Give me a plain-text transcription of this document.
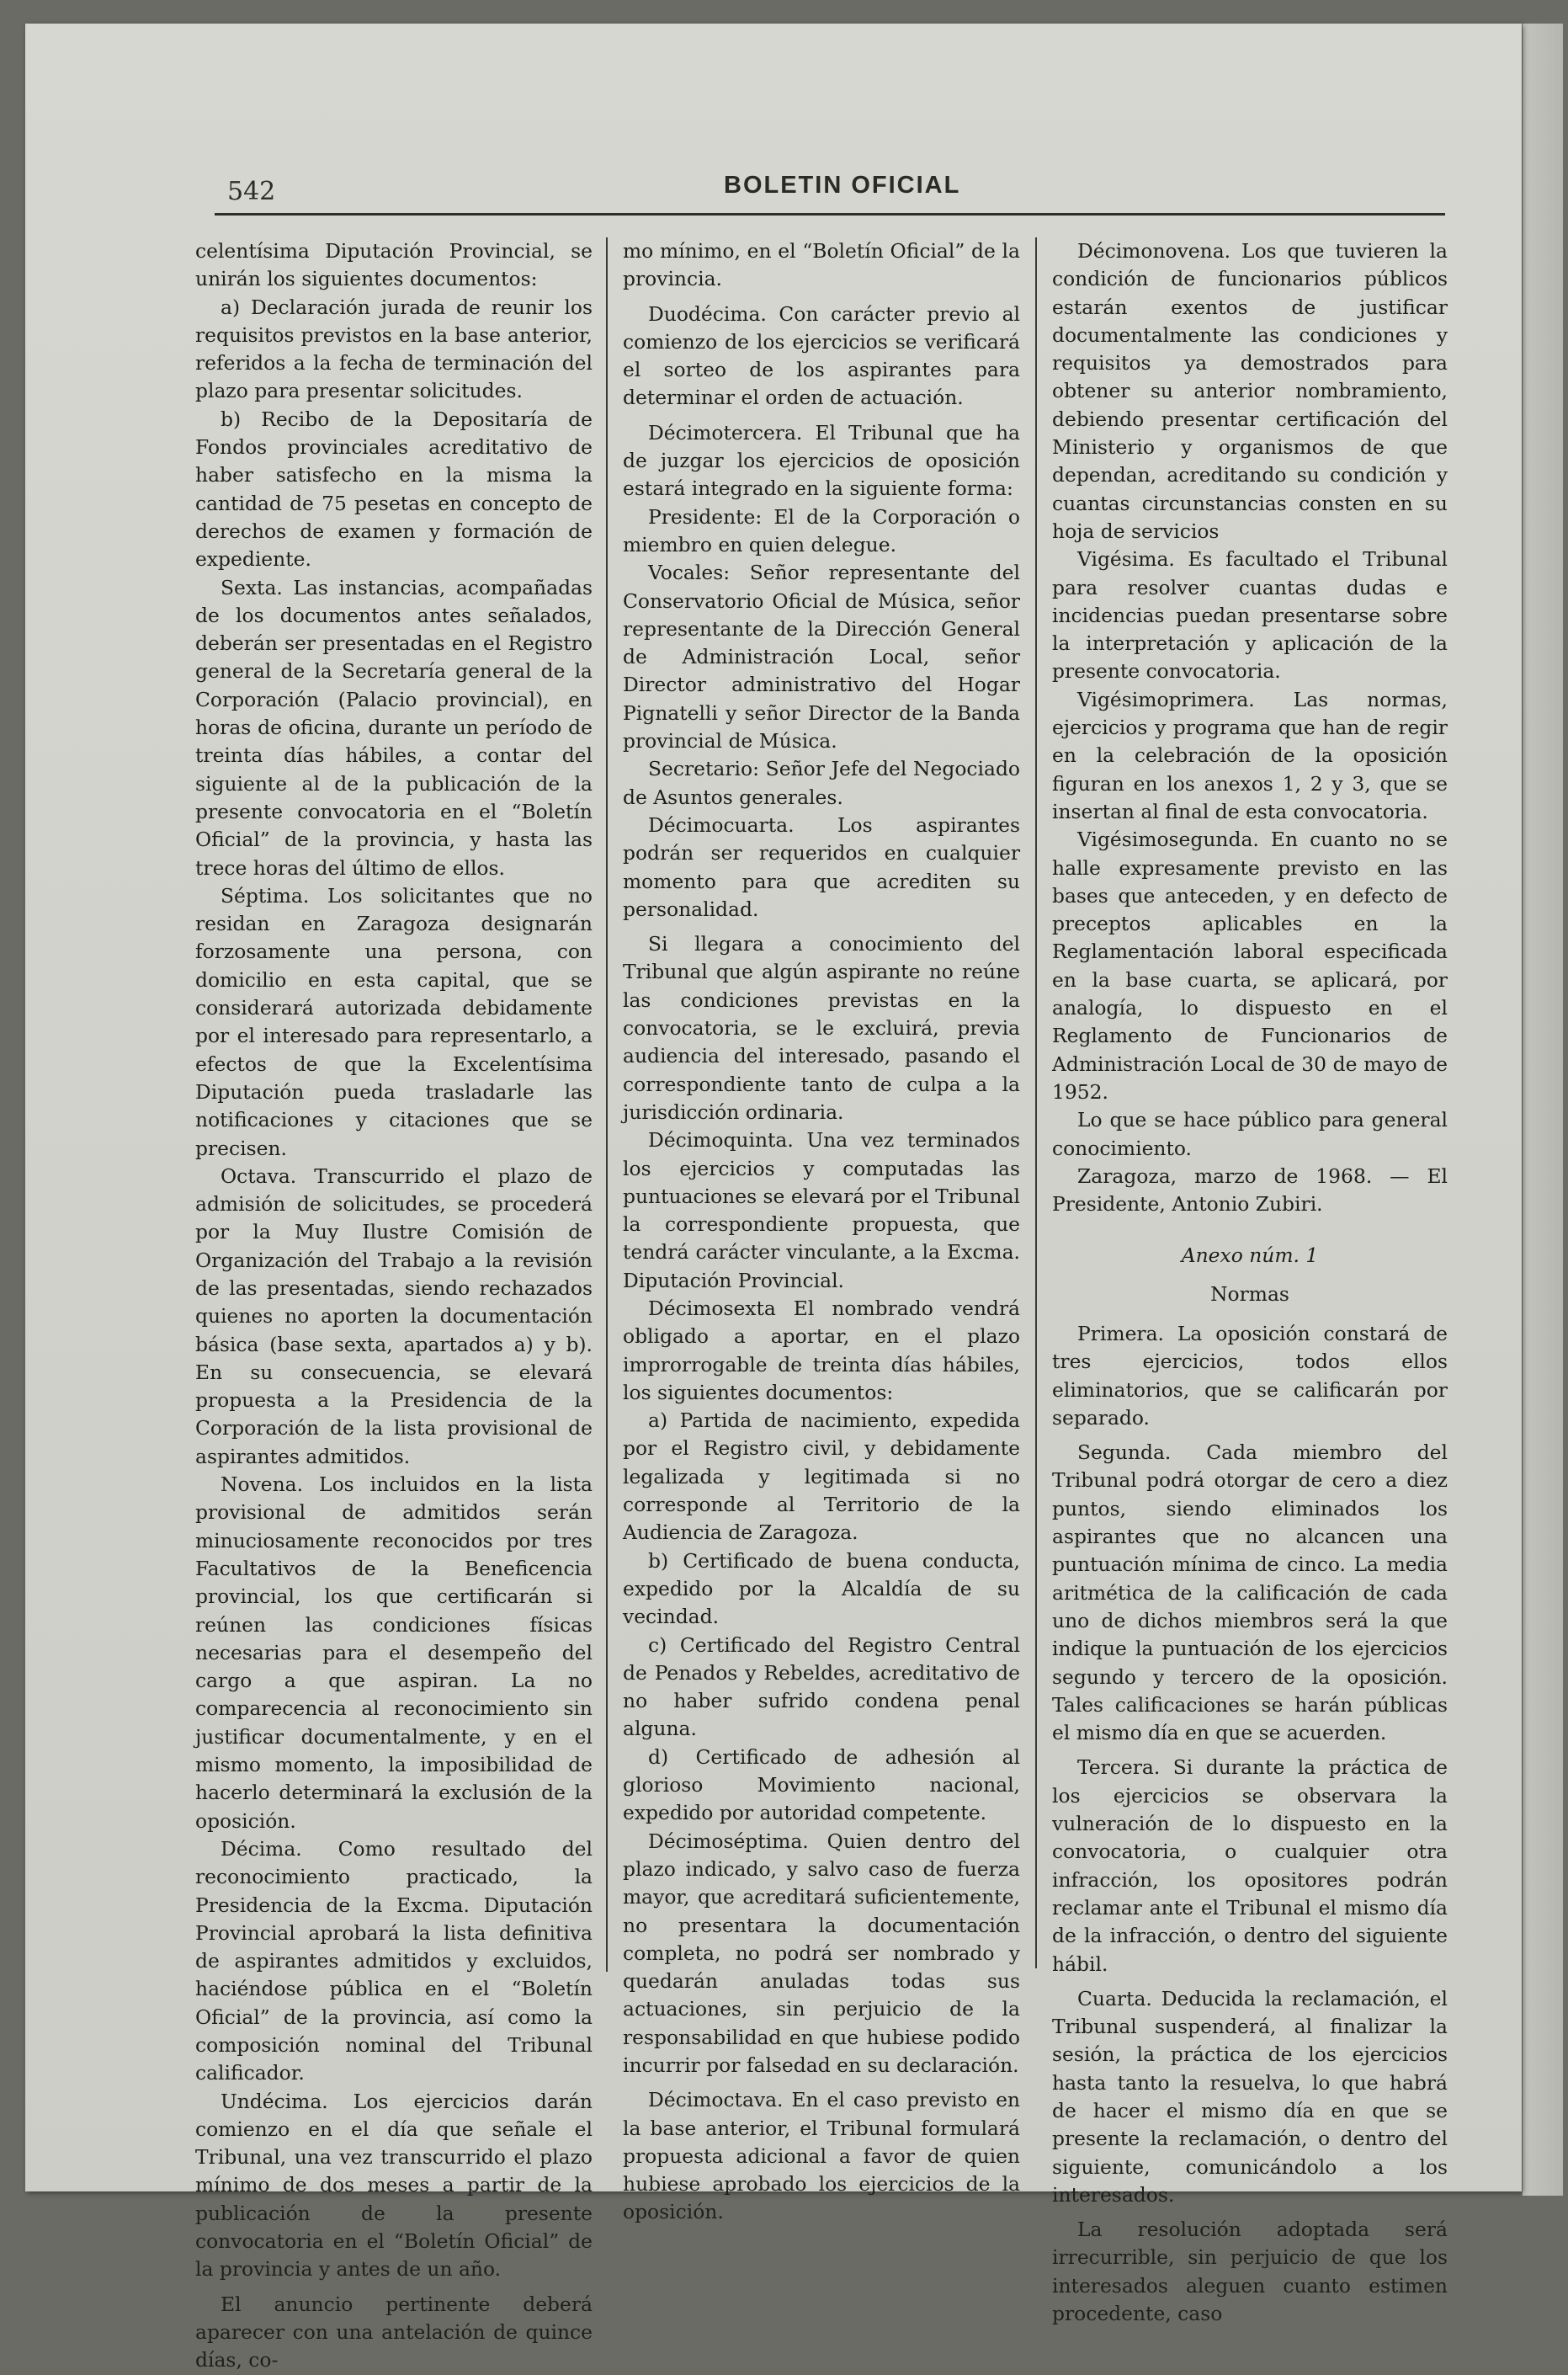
542	BOLETIN OFICIAL

celentísima Diputación Provincial, se unirán los siguientes documentos:

a) Declaración jurada de reunir los requisitos previstos en la base anterior, referidos a la fecha de terminación del plazo para presentar solicitudes.

b) Recibo de la Depositaría de Fondos provinciales acreditativo de haber satisfecho en la misma la cantidad de 75 pesetas en concepto de derechos de examen y formación de expediente.

Sexta. Las instancias, acompañadas de los documentos antes señalados, deberán ser presentadas en el Registro general de la Secretaría general de la Corporación (Palacio provincial), en horas de oficina, durante un período de treinta días hábiles, a contar del siguiente al de la publicación de la presente convocatoria en el “Boletín Oficial” de la provincia, y hasta las trece horas del último de ellos.

Séptima. Los solicitantes que no residan en Zaragoza designarán forzosamente una persona, con domicilio en esta capital, que se considerará autorizada debidamente por el interesado para representarlo, a efectos de que la Excelentísima Diputación pueda trasladarle las notificaciones y citaciones que se precisen.

Octava. Transcurrido el plazo de admisión de solicitudes, se procederá por la Muy Ilustre Comisión de Organización del Trabajo a la revisión de las presentadas, siendo rechazados quienes no aporten la documentación básica (base sexta, apartados a) y b). En su consecuencia, se elevará propuesta a la Presidencia de la Corporación de la lista provisional de aspirantes admitidos.

Novena. Los incluidos en la lista provisional de admitidos serán minuciosamente reconocidos por tres Facultativos de la Beneficencia provincial, los que certificarán si reúnen las condiciones físicas necesarias para el desempeño del cargo a que aspiran. La no comparecencia al reconocimiento sin justificar documentalmente, y en el mismo momento, la imposibilidad de hacerlo determinará la exclusión de la oposición.

Décima. Como resultado del reconocimiento practicado, la Presidencia de la Excma. Diputación Provincial aprobará la lista definitiva de aspirantes admitidos y excluidos, haciéndose pública en el “Boletín Oficial” de la provincia, así como la composición nominal del Tribunal calificador.

Undécima. Los ejercicios darán comienzo en el día que señale el Tribunal, una vez transcurrido el plazo mínimo de dos meses a partir de la publicación de la presente convocatoria en el “Boletín Oficial” de la provincia y antes de un año.

El anuncio pertinente deberá aparecer con una antelación de quince días, co-

mo mínimo, en el “Boletín Oficial” de la provincia.

Duodécima. Con carácter previo al comienzo de los ejercicios se verificará el sorteo de los aspirantes para determinar el orden de actuación.

Décimotercera. El Tribunal que ha de juzgar los ejercicios de oposición estará integrado en la siguiente forma:

Presidente: El de la Corporación o miembro en quien delegue.

Vocales: Señor representante del Conservatorio Oficial de Música, señor representante de la Dirección General de Administración Local, señor Director administrativo del Hogar Pignatelli y señor Director de la Banda provincial de Música.

Secretario: Señor Jefe del Negociado de Asuntos generales.

Décimocuarta. Los aspirantes podrán ser requeridos en cualquier momento para que acrediten su personalidad.

Si llegara a conocimiento del Tribunal que algún aspirante no reúne las condiciones previstas en la convocatoria, se le excluirá, previa audiencia del interesado, pasando el correspondiente tanto de culpa a la jurisdicción ordinaria.

Décimoquinta. Una vez terminados los ejercicios y computadas las puntuaciones se elevará por el Tribunal la correspondiente propuesta, que tendrá carácter vinculante, a la Excma. Diputación Provincial.

Décimosexta El nombrado vendrá obligado a aportar, en el plazo improrrogable de treinta días hábiles, los siguientes documentos:

a) Partida de nacimiento, expedida por el Registro civil, y debidamente legalizada y legitimada si no corresponde al Territorio de la Audiencia de Zaragoza.

b) Certificado de buena conducta, expedido por la Alcaldía de su vecindad.

c) Certificado del Registro Central de Penados y Rebeldes, acreditativo de no haber sufrido condena penal alguna.

d) Certificado de adhesión al glorioso Movimiento nacional, expedido por autoridad competente.

Décimoséptima. Quien dentro del plazo indicado, y salvo caso de fuerza mayor, que acreditará suficientemente, no presentara la documentación completa, no podrá ser nombrado y quedarán anuladas todas sus actuaciones, sin perjuicio de la responsabilidad en que hubiese podido incurrir por falsedad en su declaración.

Décimoctava. En el caso previsto en la base anterior, el Tribunal formulará propuesta adicional a favor de quien hubiese aprobado los ejercicios de la oposición.

Décimonovena. Los que tuvieren la condición de funcionarios públicos estarán exentos de justificar documentalmente las condiciones y requisitos ya demostrados para obtener su anterior nombramiento, debiendo presentar certificación del Ministerio y organismos de que dependan, acreditando su condición y cuantas circunstancias consten en su hoja de servicios

Vigésima. Es facultado el Tribunal para resolver cuantas dudas e incidencias puedan presentarse sobre la interpretación y aplicación de la presente convocatoria.

Vigésimoprimera. Las normas, ejercicios y programa que han de regir en la celebración de la oposición figuran en los anexos 1, 2 y 3, que se insertan al final de esta convocatoria.

Vigésimosegunda. En cuanto no se halle expresamente previsto en las bases que anteceden, y en defecto de preceptos aplicables en la Reglamentación laboral especificada en la base cuarta, se aplicará, por analogía, lo dispuesto en el Reglamento de Funcionarios de Administración Local de 30 de mayo de 1952.

Lo que se hace público para general conocimiento.

Zaragoza, marzo de 1968. — El Presidente, Antonio Zubiri.

Anexo núm. 1

Normas

Primera. La oposición constará de tres ejercicios, todos ellos eliminatorios, que se calificarán por separado.

Segunda. Cada miembro del Tribunal podrá otorgar de cero a diez puntos, siendo eliminados los aspirantes que no alcancen una puntuación mínima de cinco. La media aritmética de la calificación de cada uno de dichos miembros será la que indique la puntuación de los ejercicios segundo y tercero de la oposición. Tales calificaciones se harán públicas el mismo día en que se acuerden.

Tercera. Si durante la práctica de los ejercicios se observara la vulneración de lo dispuesto en la convocatoria, o cualquier otra infracción, los opositores podrán reclamar ante el Tribunal el mismo día de la infracción, o dentro del siguiente hábil.

Cuarta. Deducida la reclamación, el Tribunal suspenderá, al finalizar la sesión, la práctica de los ejercicios hasta tanto la resuelva, lo que habrá de hacer el mismo día en que se presente la reclamación, o dentro del siguiente, comunicándolo a los interesados.

La resolución adoptada será irrecurrible, sin perjuicio de que los interesados aleguen cuanto estimen procedente, caso
